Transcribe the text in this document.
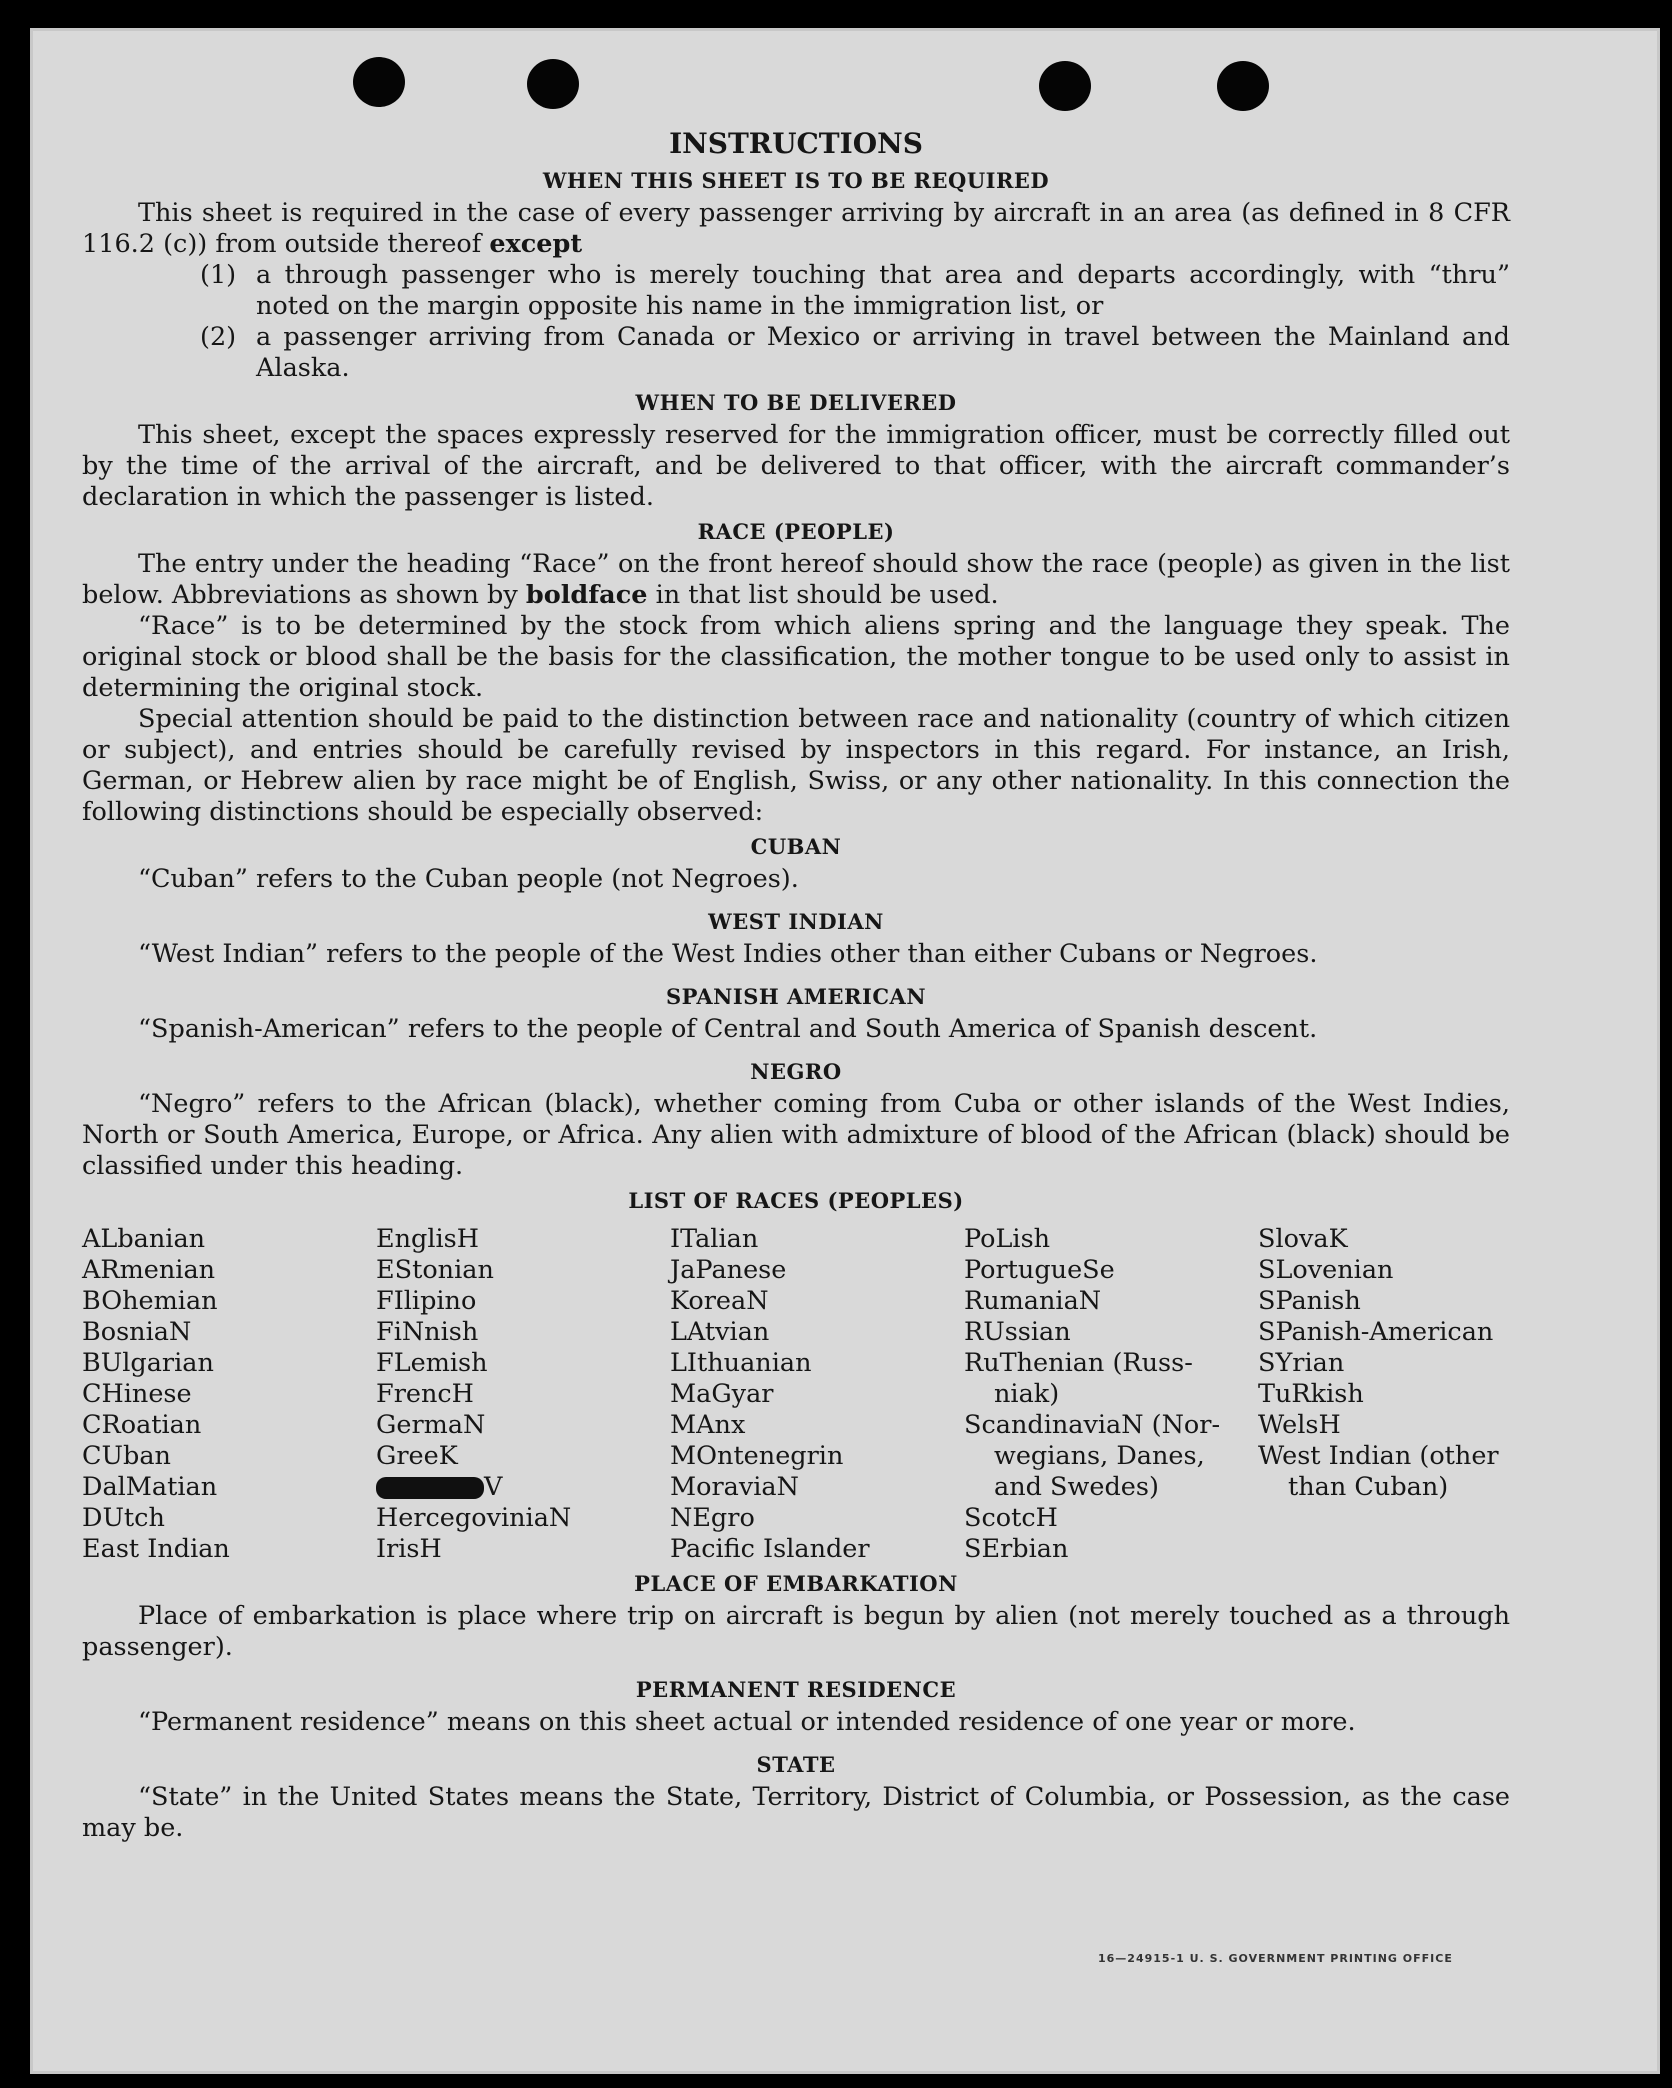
INSTRUCTIONS
WHEN THIS SHEET IS TO BE REQUIRED

This sheet is required in the case of every passenger arriving by aircraft in an area (as defined in 8 CFR 116.2 (c)) from outside thereof except

(1) a through passenger who is merely touching that area and departs accordingly, with “thru” noted on the margin opposite his name in the immigration list, or
(2) a passenger arriving from Canada or Mexico or arriving in travel between the Mainland and Alaska.
WHEN TO BE DELIVERED

This sheet, except the spaces expressly reserved for the immigration officer, must be correctly filled out by the time of the arrival of the aircraft, and be delivered to that officer, with the aircraft commander’s declaration in which the passenger is listed.

RACE (PEOPLE)

The entry under the heading “Race” on the front hereof should show the race (people) as given in the list below. Abbreviations as shown by boldface in that list should be used.

“Race” is to be determined by the stock from which aliens spring and the language they speak. The original stock or blood shall be the basis for the classification, the mother tongue to be used only to assist in determining the original stock.

Special attention should be paid to the distinction between race and nationality (country of which citizen or subject), and entries should be carefully revised by inspectors in this regard. For instance, an Irish, German, or Hebrew alien by race might be of English, Swiss, or any other nationality. In this connection the following distinctions should be especially observed:

CUBAN

“Cuban” refers to the Cuban people (not Negroes).

WEST INDIAN

“West Indian” refers to the people of the West Indies other than either Cubans or Negroes.

SPANISH AMERICAN

“Spanish-American” refers to the people of Central and South America of Spanish descent.

NEGRO

“Negro” refers to the African (black), whether coming from Cuba or other islands of the West Indies, North or South America, Europe, or Africa. Any alien with admixture of blood of the African (black) should be classified under this heading.

LIST OF RACES (PEOPLES)
ALbanian
ARmenian
BOhemian
BosniaN
BUlgarian
CHinese
CRoatian
CUban
DalMatian
DUtch
East Indian
EnglisH
EStonian
FIlipino
FiNnish
FLemish
FrencH
GermaN
GreeK
V
HercegoviniaN
IrisH
ITalian
JaPanese
KoreaN
LAtvian
LIthuanian
MaGyar
MAnx
MOntenegrin
MoraviaN
NEgro
Pacific Islander
PoLish
PortugueSe
RumaniaN
RUssian
RuThenian (Russ-
niak)
ScandinaviaN (Nor-
wegians, Danes,
and Swedes)
ScotcH
SErbian
SlovaK
SLovenian
SPanish
SPanish-American
SYrian
TuRkish
WelsH
West Indian (other
than Cuban)
PLACE OF EMBARKATION

Place of embarkation is place where trip on aircraft is begun by alien (not merely touched as a through passenger).

PERMANENT RESIDENCE

“Permanent residence” means on this sheet actual or intended residence of one year or more.

STATE

“State” in the United States means the State, Territory, District of Columbia, or Possession, as the case may be.

16—24915-1 U. S. GOVERNMENT PRINTING OFFICE
